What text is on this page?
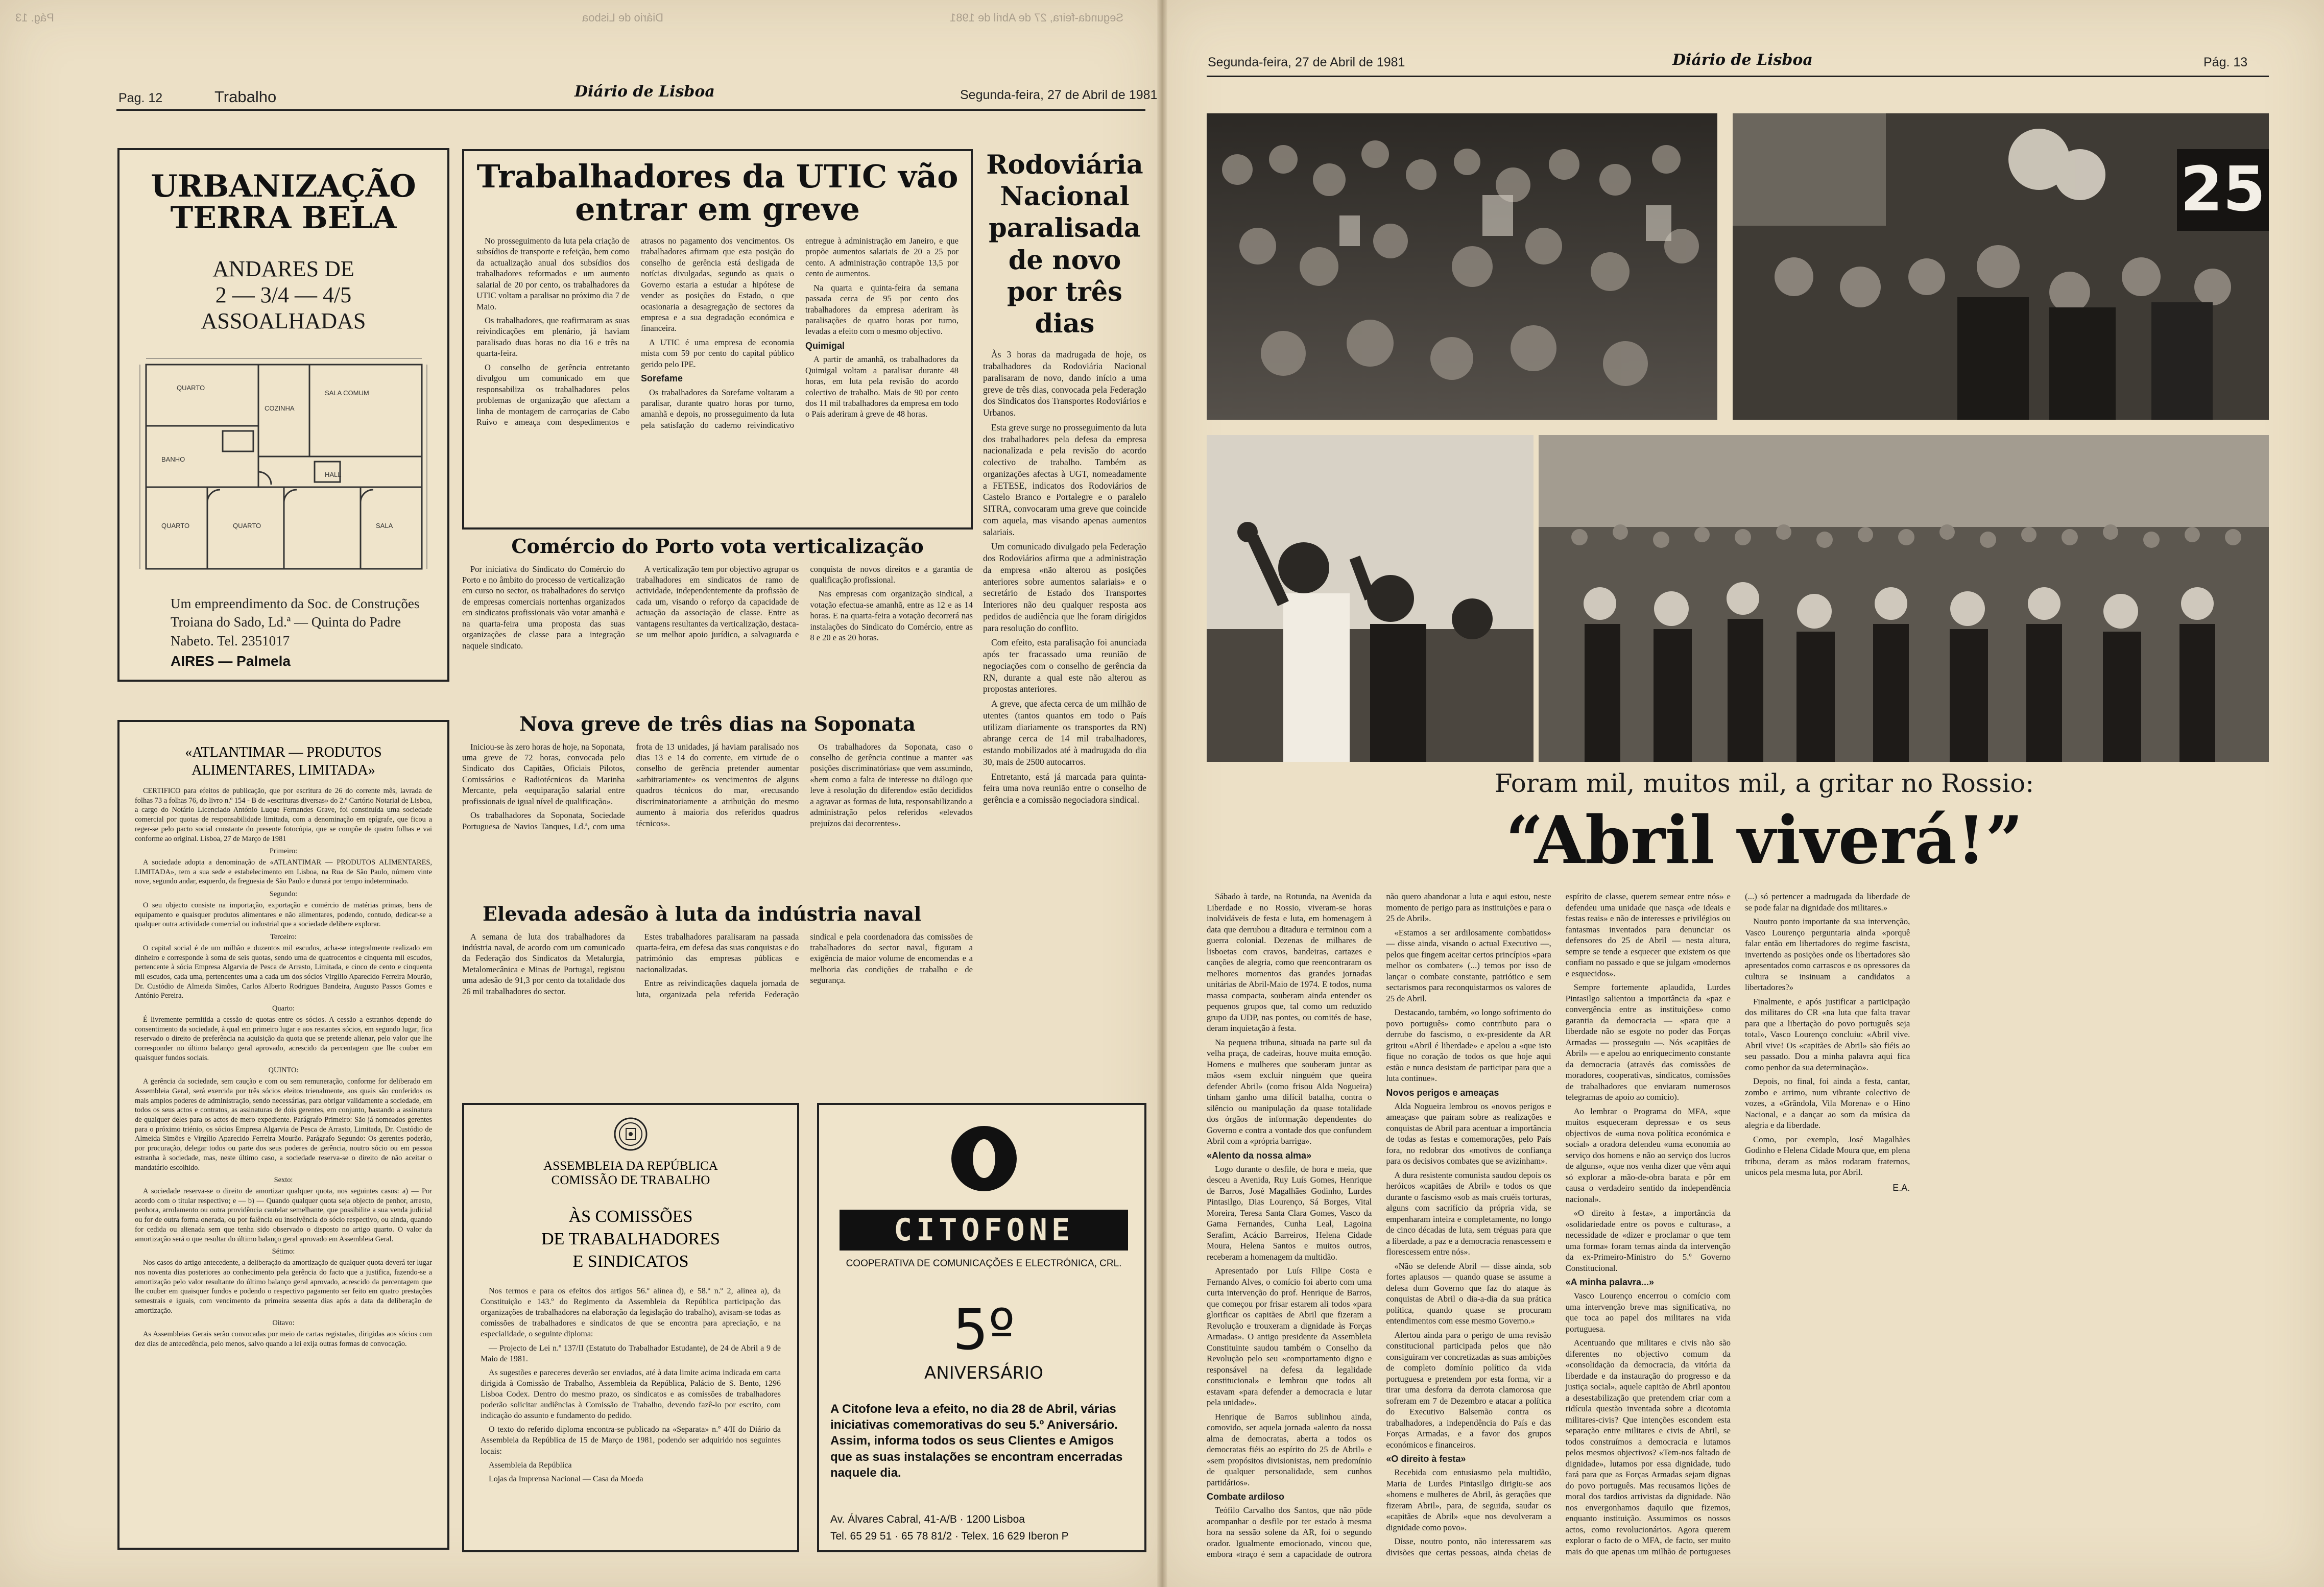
Pág. 13	Diário de Lisboa	Segunda-feira, 27 de Abril de 1981
Pag. 12	Trabalho	Diário de Lisboa	Segunda-feira, 27 de Abril de 1981
URBANIZAÇÃO
TERRA BELA
ANDARES DE
2 — 3/4 — 4/5
ASSOALHADAS
SALA COMUM
COZINHA
QUARTO
BANHO
HALL
QUARTO	QUARTO	SALA
Um empreendimento da Soc. de Construções Troiana do Sado, Ld.ª — Quinta do Padre Nabeto. Tel. 2351017
AIRES — Palmela
«ATLANTIMAR — PRODUTOS ALIMENTARES, LIMITADA»

CERTIFICO para efeitos de publicação, que por escritura de 26 do corrente mês, lavrada de folhas 73 a folhas 76, do livro n.º 154 - B de «escrituras diversas» do 2.º Cartório Notarial de Lisboa, a cargo do Notário Licenciado António Luque Fernandes Grave, foi constituída uma sociedade comercial por quotas de responsabilidade limitada, com a denominação em epígrafe, que ficou a reger-se pelo pacto social constante do presente fotocópia, que se compõe de quatro folhas e vai conforme ao original. Lisboa, 27 de Março de 1981

Primeiro:

A sociedade adopta a denominação de «ATLANTIMAR — PRODUTOS ALIMENTARES, LIMITADA», tem a sua sede e estabelecimento em Lisboa, na Rua de São Paulo, número vinte nove, segundo andar, esquerdo, da freguesia de São Paulo e durará por tempo indeterminado.

Segundo:

O seu objecto consiste na importação, exportação e comércio de matérias primas, bens de equipamento e quaisquer produtos alimentares e não alimentares, podendo, contudo, dedicar-se a qualquer outra actividade comercial ou industrial que a sociedade delibere explorar.

Terceiro:

O capital social é de um milhão e duzentos mil escudos, acha-se integralmente realizado em dinheiro e corresponde à soma de seis quotas, sendo uma de quatrocentos e cinquenta mil escudos, pertencente à sócia Empresa Algarvia de Pesca de Arrasto, Limitada, e cinco de cento e cinquenta mil escudos, cada uma, pertencentes uma a cada um dos sócios Virgílio Aparecido Ferreira Mourão, Dr. Custódio de Almeida Simões, Carlos Alberto Rodrigues Bandeira, Augusto Passos Gomes e António Pereira.

Quarto:

É livremente permitida a cessão de quotas entre os sócios. A cessão a estranhos depende do consentimento da sociedade, à qual em primeiro lugar e aos restantes sócios, em segundo lugar, fica reservado o direito de preferência na aquisição da quota que se pretende alienar, pelo valor que lhe corresponder no último balanço geral aprovado, acrescido da percentagem que lhe couber em quaisquer fundos sociais.

QUINTO:

A gerência da sociedade, sem caução e com ou sem remuneração, conforme for deliberado em Assembleia Geral, será exercida por três sócios eleitos trienalmente, aos quais são conferidos os mais amplos poderes de administração, sendo necessárias, para obrigar validamente a sociedade, em todos os seus actos e contratos, as assinaturas de dois gerentes, em conjunto, bastando a assinatura de qualquer deles para os actos de mero expediente. Parágrafo Primeiro: São já nomeados gerentes para o próximo triénio, os sócios Empresa Algarvia de Pesca de Arrasto, Limitada, Dr. Custódio de Almeida Simões e Virgílio Aparecido Ferreira Mourão. Parágrafo Segundo: Os gerentes poderão, por procuração, delegar todos ou parte dos seus poderes de gerência, noutro sócio ou em pessoa estranha à sociedade, mas, neste último caso, a sociedade reserva-se o direito de não aceitar o mandatário escolhido.

Sexto:

A sociedade reserva-se o direito de amortizar qualquer quota, nos seguintes casos: a) — Por acordo com o titular respectivo; e — b) — Quando qualquer quota seja objecto de penhor, arresto, penhora, arrolamento ou outra providência cautelar semelhante, que possibilite a sua venda judicial ou for de outra forma onerada, ou por falência ou insolvência do sócio respectivo, ou ainda, quando for cedida ou alienada sem que tenha sido observado o disposto no artigo quarto. O valor da amortização será o que resultar do último balanço geral aprovado em Assembleia Geral.

Sétimo:

Nos casos do artigo antecedente, a deliberação da amortização de qualquer quota deverá ter lugar nos noventa dias posteriores ao conhecimento pela gerência do facto que a justifica, fazendo-se a amortização pelo valor resultante do último balanço geral aprovado, acrescido da percentagem que lhe couber em quaisquer fundos e podendo o respectivo pagamento ser feito em quatro prestações semestrais e iguais, com vencimento da primeira sessenta dias após a data da deliberação de amortização.

Oitavo:

As Assembleias Gerais serão convocadas por meio de cartas registadas, dirigidas aos sócios com dez dias de antecedência, pelo menos, salvo quando a lei exija outras formas de convocação.

Trabalhadores da UTIC vão entrar em greve

No prosseguimento da luta pela criação de subsídios de transporte e refeição, bem como da actualização anual dos subsídios dos trabalhadores reformados e um aumento salarial de 20 por cento, os trabalhadores da UTIC voltam a paralisar no próximo dia 7 de Maio.

Os trabalhadores, que reafirmaram as suas reivindicações em plenário, já haviam paralisado duas horas no dia 16 e três na quarta-feira.

O conselho de gerência entretanto divulgou um comunicado em que responsabiliza os trabalhadores pelos problemas de organização que afectam a linha de montagem de carroçarias de Cabo Ruivo e ameaça com despedimentos e atrasos no pagamento dos vencimentos. Os trabalhadores afirmam que esta posição do conselho de gerência está desligada de notícias divulgadas, segundo as quais o Governo estaria a estudar a hipótese de vender as posições do Estado, o que ocasionaria a desagregação de sectores da empresa e a sua degradação económica e financeira.

A UTIC é uma empresa de economia mista com 59 por cento do capital público gerido pelo IPE.

Sorefame

Os trabalhadores da Sorefame voltaram a paralisar, durante quatro horas por turno, amanhã e depois, no prosseguimento da luta pela satisfação do caderno reivindicativo entregue à administração em Janeiro, e que propõe aumentos salariais de 20 a 25 por cento. A administração contrapõe 13,5 por cento de aumentos.

Na quarta e quinta-feira da semana passada cerca de 95 por cento dos trabalhadores da empresa aderiram às paralisações de quatro horas por turno, levadas a efeito com o mesmo objectivo.

Quimigal

A partir de amanhã, os trabalhadores da Quimigal voltam a paralisar durante 48 horas, em luta pela revisão do acordo colectivo de trabalho. Mais de 90 por cento dos 11 mil trabalhadores da empresa em todo o País aderiram à greve de 48 horas.

Rodoviária Nacional paralisada de novo por três dias

Às 3 horas da madrugada de hoje, os trabalhadores da Rodoviária Nacional paralisaram de novo, dando início a uma greve de três dias, convocada pela Federação dos Sindicatos dos Transportes Rodoviários e Urbanos.

Esta greve surge no prosseguimento da luta dos trabalhadores pela defesa da empresa nacionalizada e pela revisão do acordo colectivo de trabalho. Também as organizações afectas à UGT, nomeadamente a FETESE, indicatos dos Rodoviários de Castelo Branco e Portalegre e o paralelo SITRA, convocaram uma greve que coincide com aquela, mas visando apenas aumentos salariais.

Um comunicado divulgado pela Federação dos Rodoviários afirma que a administração da empresa «não alterou as posições anteriores sobre aumentos salariais» e o secretário de Estado dos Transportes Interiores não deu qualquer resposta aos pedidos de audiência que lhe foram dirigidos para resolução do conflito.

Com efeito, esta paralisação foi anunciada após ter fracassado uma reunião de negociações com o conselho de gerência da RN, durante a qual este não alterou as propostas anteriores.

A greve, que afecta cerca de um milhão de utentes (tantos quantos em todo o País utilizam diariamente os transportes da RN) abrange cerca de 14 mil trabalhadores, estando mobilizados até à madrugada do dia 30, mais de 2500 autocarros.

Entretanto, está já marcada para quinta-feira uma nova reunião entre o conselho de gerência e a comissão negociadora sindical.

Comércio do Porto vota verticalização

Por iniciativa do Sindicato do Comércio do Porto e no âmbito do processo de verticalização em curso no sector, os trabalhadores do serviço de empresas comerciais nortenhas organizados em sindicatos profissionais vão votar amanhã e na quarta-feira uma proposta das suas organizações de classe para a integração naquele sindicato.

A verticalização tem por objectivo agrupar os trabalhadores em sindicatos de ramo de actividade, independentemente da profissão de cada um, visando o reforço da capacidade de actuação da associação de classe. Entre as vantagens resultantes da verticalização, destaca-se um melhor apoio jurídico, a salvaguarda e conquista de novos direitos e a garantia de qualificação profissional.

Nas empresas com organização sindical, a votação efectua-se amanhã, entre as 12 e as 14 horas. E na quarta-feira a votação decorrerá nas instalações do Sindicato do Comércio, entre as 8 e 20 e as 20 horas.

Nova greve de três dias na Soponata

Iniciou-se às zero horas de hoje, na Soponata, uma greve de 72 horas, convocada pelo Sindicato dos Capitães, Oficiais Pilotos, Comissários e Radiotécnicos da Marinha Mercante, pela «equiparação salarial entre profissionais de igual nível de qualificação».

Os trabalhadores da Soponata, Sociedade Portuguesa de Navios Tanques, Ld.ª, com uma frota de 13 unidades, já haviam paralisado nos dias 13 e 14 do corrente, em virtude de o conselho de gerência pretender aumentar «arbitrariamente» os vencimentos de alguns quadros técnicos do mar, «recusando discriminatoriamente a atribuição do mesmo aumento à maioria dos referidos quadros técnicos».

Os trabalhadores da Soponata, caso o conselho de gerência continue a manter «as posições discriminatórias» que vem assumindo, «bem como a falta de interesse no diálogo que leve à resolução do diferendo» estão decididos a agravar as formas de luta, responsabilizando a administração pelos referidos «elevados prejuízos dai decorrentes».

Elevada adesão à luta da indústria naval

A semana de luta dos trabalhadores da indústria naval, de acordo com um comunicado da Federação dos Sindicatos da Metalurgia, Metalomecânica e Minas de Portugal, registou uma adesão de 91,3 por cento da totalidade dos 26 mil trabalhadores do sector.

Estes trabalhadores paralisaram na passada quarta-feira, em defesa das suas conquistas e do património das empresas públicas e nacionalizadas.

Entre as reivindicações daquela jornada de luta, organizada pela referida Federação sindical e pela coordenadora das comissões de trabalhadores do sector naval, figuram a exigência de maior volume de encomendas e a melhoria das condições de trabalho e de segurança.

ASSEMBLEIA DA REPÚBLICA
COMISSÃO DE TRABALHO
ÀS COMISSÕES
DE TRABALHADORES
E SINDICATOS

Nos termos e para os efeitos dos artigos 56.º alínea d), e 58.º n.º 2, alínea a), da Constituição e 143.º do Regimento da Assembleia da República participação das organizações de trabalhadores na elaboração da legislação do trabalho), avisam-se todas as comissões de trabalhadores e sindicatos de que se encontra para apreciação, e na especialidade, o seguinte diploma:

— Projecto de Lei n.º 137/II (Estatuto do Trabalhador Estudante), de 24 de Abril a 9 de Maio de 1981.

As sugestões e pareceres deverão ser enviados, até à data limite acima indicada em carta dirigida à Comissão de Trabalho, Assembleia da República, Palácio de S. Bento, 1296 Lisboa Codex. Dentro do mesmo prazo, os sindicatos e as comissões de trabalhadores poderão solicitar audiências à Comissão de Trabalho, devendo fazê-lo por escrito, com indicação do assunto e fundamento do pedido.

O texto do referido diploma encontra-se publicado na «Separata» n.º 4/II do Diário da Assembleia da República de 15 de Março de 1981, podendo ser adquirido nos seguintes locais:

Assembleia da República

Lojas da Imprensa Nacional — Casa da Moeda

CITOFONE
COOPERATIVA DE COMUNICAÇÕES E ELECTRÓNICA, CRL.
5º
ANIVERSÁRIO
A Citofone leva a efeito, no dia 28 de Abril, várias iniciativas comemorativas do seu 5.º Aniversário. Assim, informa todos os seus Clientes e Amigos que as suas instalações se encontram encerradas naquele dia.
Av. Álvares Cabral, 41-A/B · 1200 Lisboa
Tel. 65 29 51 · 65 78 81/2 · Telex. 16 629 Iberon P
Segunda-feira, 27 de Abril de 1981	Diário de Lisboa	Pág. 13
25
Foram mil, muitos mil, a gritar no Rossio:
“Abril viverá!”

Sábado à tarde, na Rotunda, na Avenida da Liberdade e no Rossio, viveram-se horas inolvidáveis de festa e luta, em homenagem à data que derrubou a ditadura e terminou com a guerra colonial. Dezenas de milhares de lisboetas com cravos, bandeiras, cartazes e canções de alegria, como que reencontraram os melhores momentos das grandes jornadas unitárias de Abril-Maio de 1974. E todos, numa massa compacta, souberam ainda entender os pequenos grupos que, tal como um reduzido grupo da UDP, nas pontes, ou comités de base, deram inquietação à festa.

Na pequena tribuna, situada na parte sul da velha praça, de cadeiras, houve muita emoção. Homens e mulheres que souberam juntar as mãos «sem excluir ninguém que queira defender Abril» (como frisou Alda Nogueira) tinham ganho uma difícil batalha, contra o silêncio ou manipulação da quase totalidade dos órgãos de informação dependentes do Governo e contra a vontade dos que confundem Abril com a «própria barriga».

«Alento da nossa alma»

Logo durante o desfile, de hora e meia, que desceu a Avenida, Ruy Luís Gomes, Henrique de Barros, José Magalhães Godinho, Lurdes Pintasilgo, Dias Lourenço, Sá Borges, Vital Moreira, Teresa Santa Clara Gomes, Vasco da Gama Fernandes, Cunha Leal, Lagoina Serafim, Acácio Barreiros, Helena Cidade Moura, Helena Santos e muitos outros, receberam a homenagem da multidão.

Apresentado por Luís Filipe Costa e Fernando Alves, o comício foi aberto com uma curta intervenção do prof. Henrique de Barros, que começou por frisar estarem ali todos «para glorificar os capitães de Abril que fizeram a Revolução e trouxeram a dignidade às Forças Armadas». O antigo presidente da Assembleia Constituinte saudou também o Conselho da Revolução pelo seu «comportamento digno e responsável na defesa da legalidade constitucional» e lembrou que todos ali estavam «para defender a democracia e lutar pela unidade».

Henrique de Barros sublinhou ainda, comovido, ser aquela jornada «alento da nossa alma de democratas, aberta a todos os democratas fiéis ao espírito do 25 de Abril» e «sem propósitos divisionistas, nem predomínio de qualquer personalidade, sem cunhos partidários».

Combate ardiloso

Teófilo Carvalho dos Santos, que não pôde acompanhar o desfile por ter estado à mesma hora na sessão solene da AR, foi o segundo orador. Igualmente emocionado, vincou que, embora «traço é sem a capacidade de outrora não quero abandonar a luta e aqui estou, neste momento de perigo para as instituições e para o 25 de Abril».

«Estamos a ser ardilosamente combatidos» — disse ainda, visando o actual Executivo —, pelos que fingem aceitar certos princípios «para melhor os combater» (...) temos por isso de lançar o combate constante, patriótico e sem sectarismos para reconquistarmos os valores de 25 de Abril.

Destacando, também, «o longo sofrimento do povo português» como contributo para o derrube do fascismo, o ex-presidente da AR gritou «Abril é liberdade» e apelou a «que isto fique no coração de todos os que hoje aqui estão e nunca desistam de participar para que a luta continue».

Novos perigos e ameaças

Alda Nogueira lembrou os «novos perigos e ameaças» que pairam sobre as realizações e conquistas de Abril para acentuar a importância de todas as festas e comemorações, pelo País fora, no redobrar dos «motivos de confiança para os decisivos combates que se avizinham».

A dura resistente comunista saudou depois os heróicos «capitães de Abril» e todos os que durante o fascismo «sob as mais cruéis torturas, alguns com sacrifício da própria vida, se empenharam inteira e completamente, no longo de cinco décadas de luta, sem tréguas para que a liberdade, a paz e a democracia renascessem e florescessem entre nós».

«Não se defende Abril — disse ainda, sob fortes aplausos — quando quase se assume a defesa dum Governo que faz do ataque às conquistas de Abril o dia-a-dia da sua prática política, quando quase se procuram entendimentos com esse mesmo Governo.»

Alertou ainda para o perigo de uma revisão constitucional participada pelos que não consiguiram ver concretizadas as suas ambições de completo domínio político da vida portuguesa e pretendem por esta forma, vir a tirar uma desforra da derrota clamorosa que sofreram em 7 de Dezembro e atacar a política do Executivo Balsemão contra os trabalhadores, a independência do País e das Forças Armadas, e a favor dos grupos económicos e financeiros.

«O direito à festa»

Recebida com entusiasmo pela multidão, Maria de Lurdes Pintasilgo dirigiu-se aos «homens e mulheres de Abril, às gerações que fizeram Abril», para, de seguida, saudar os «capitães de Abril» «que nos devolveram a dignidade como povo».

Disse, noutro ponto, não interessarem «as divisões que certas pessoas, ainda cheias de espírito de classe, querem semear entre nós» e defendeu uma unidade que nasça «de ideais e festas reais» e não de interesses e privilégios ou fantasmas inventados para denunciar os defensores do 25 de Abril — nesta altura, sempre se tende a esquecer que existem os que confiam no passado e que se julgam «modernos e esquecidos».

Sempre fortemente aplaudida, Lurdes Pintasilgo salientou a importância da «paz e convergência entre as instituições» como garantia da democracia — «para que a liberdade não se esgote no poder das Forças Armadas — prosseguiu —. Nós «capitães de Abril» — e apelou ao enriquecimento constante da democracia (através das comissões de moradores, cooperativas, sindicatos, comissões de trabalhadores que enviaram numerosos telegramas de apoio ao comício).

Ao lembrar o Programa do MFA, «que muitos esqueceram depressa» e os seus objectivos de «uma nova política económica e social» a oradora defendeu «uma economia ao serviço dos homens e não ao serviço dos lucros de alguns», «que nos venha dizer que vêm aqui só explorar a mão-de-obra barata e pôr em causa o verdadeiro sentido da independência nacional».

«O direito à festa», a importância da «solidariedade entre os povos e culturas», a necessidade de «dizer e proclamar o que tem uma forma» foram temas ainda da intervenção da ex-Primeiro-Ministro do 5.º Governo Constitucional.

«A minha palavra...»

Vasco Lourenço encerrou o comício com uma intervenção breve mas significativa, no que toca ao papel dos militares na vida portuguesa.

Acentuando que militares e civis não são diferentes no objectivo comum da «consolidação da democracia, da vitória da liberdade e da instauração do progresso e da justiça social», aquele capitão de Abril apontou a desestabilização que pretendem criar com a ridícula questão inventada sobre a dicotomia militares-civis? Que intenções escondem esta separação entre militares e civis de Abril, se todos construímos a democracia e lutamos pelos mesmos objectivos? «Tem-nos faltado de dignidade», lutamos por essa dignidade, tudo fará para que as Forças Armadas sejam dignas do povo português. Mas recusamos lições de moral dos tardios arrivistas da dignidade. Não nos envergonhamos daquilo que fizemos, enquanto instituição. Assumimos os nossos actos, como revolucionários. Agora querem explorar o facto de o MFA, de facto, ser muito mais do que apenas um milhão de portugueses (...) só pertencer a madrugada da liberdade de se pode falar na dignidade dos militares.»

Noutro ponto importante da sua intervenção, Vasco Lourenço perguntaria ainda «porquê falar então em libertadores do regime fascista, invertendo as posições onde os libertadores são apresentados como carrascos e os opressores da cultura se insinuam a candidatos a libertadores?»

Finalmente, e após justificar a participação dos militares do CR «na luta que falta travar para que a libertação do povo português seja total», Vasco Lourenço concluiu: «Abril vive. Abril vive! Os «capitães de Abril» são fiéis ao seu passado. Dou a minha palavra aqui fica como penhor da sua determinação».

Depois, no final, foi ainda a festa, cantar, zombo e arrimo, num vibrante colectivo de vozes, a «Grândola, Vila Morena» e o Hino Nacional, e a dançar ao som da música da alegria e da liberdade.

Como, por exemplo, José Magalhães Godinho e Helena Cidade Moura que, em plena tribuna, deram as mãos rodaram fraternos, unicos pela mesma luta, por Abril.

E.A.
